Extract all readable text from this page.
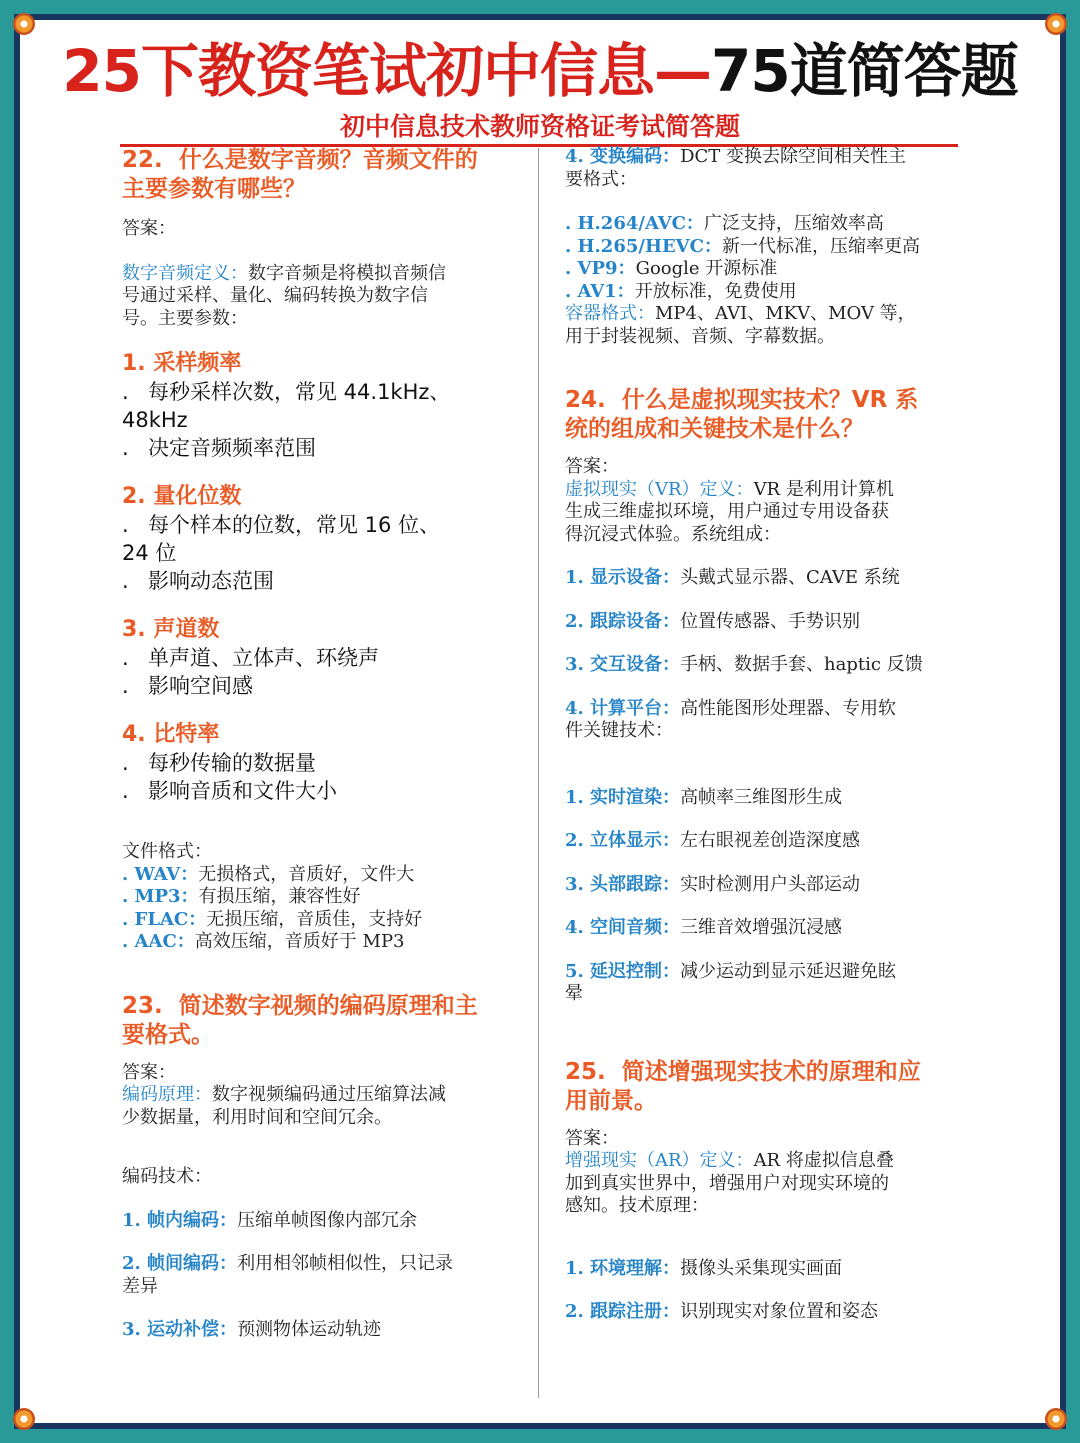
25下教资笔试初中信息—75道简答题
初中信息技术教师资格证考试简答题

22. 什么是数字音频？音频文件的
主要参数有哪些？

答案：

数字音频定义：数字音频是将模拟音频信
号通过采样、量化、编码转换为数字信
号。主要参数：

1. 采样频率

. 每秒采样次数，常见 44.1kHz、
48kHz

. 决定音频频率范围

2. 量化位数

. 每个样本的位数，常见 16 位、
24 位

. 影响动态范围

3. 声道数

. 单声道、立体声、环绕声

. 影响空间感

4. 比特率

. 每秒传输的数据量

. 影响音质和文件大小

文件格式：

. WAV：无损格式，音质好，文件大

. MP3：有损压缩，兼容性好

. FLAC：无损压缩，音质佳，支持好

. AAC：高效压缩，音质好于 MP3

23. 简述数字视频的编码原理和主
要格式。

答案：

编码原理：数字视频编码通过压缩算法减
少数据量，利用时间和空间冗余。

编码技术：

1. 帧内编码：压缩单帧图像内部冗余

2. 帧间编码：利用相邻帧相似性，只记录
差异

3. 运动补偿：预测物体运动轨迹

4. 变换编码：DCT 变换去除空间相关性主
要格式：

. H.264/AVC：广泛支持，压缩效率高

. H.265/HEVC：新一代标准，压缩率更高

. VP9：Google 开源标准

. AV1：开放标准，免费使用

容器格式：MP4、AVI、MKV、MOV 等，
用于封装视频、音频、字幕数据。

24. 什么是虚拟现实技术？VR 系
统的组成和关键技术是什么？

答案：

虚拟现实（VR）定义：VR 是利用计算机
生成三维虚拟环境，用户通过专用设备获
得沉浸式体验。系统组成：

1. 显示设备：头戴式显示器、CAVE 系统

2. 跟踪设备：位置传感器、手势识别

3. 交互设备：手柄、数据手套、haptic 反馈

4. 计算平台：高性能图形处理器、专用软
件关键技术：

1. 实时渲染：高帧率三维图形生成

2. 立体显示：左右眼视差创造深度感

3. 头部跟踪：实时检测用户头部运动

4. 空间音频：三维音效增强沉浸感

5. 延迟控制：减少运动到显示延迟避免眩
晕

25. 简述增强现实技术的原理和应
用前景。

答案：

增强现实（AR）定义：AR 将虚拟信息叠
加到真实世界中，增强用户对现实环境的
感知。技术原理：

1. 环境理解：摄像头采集现实画面

2. 跟踪注册：识别现实对象位置和姿态
